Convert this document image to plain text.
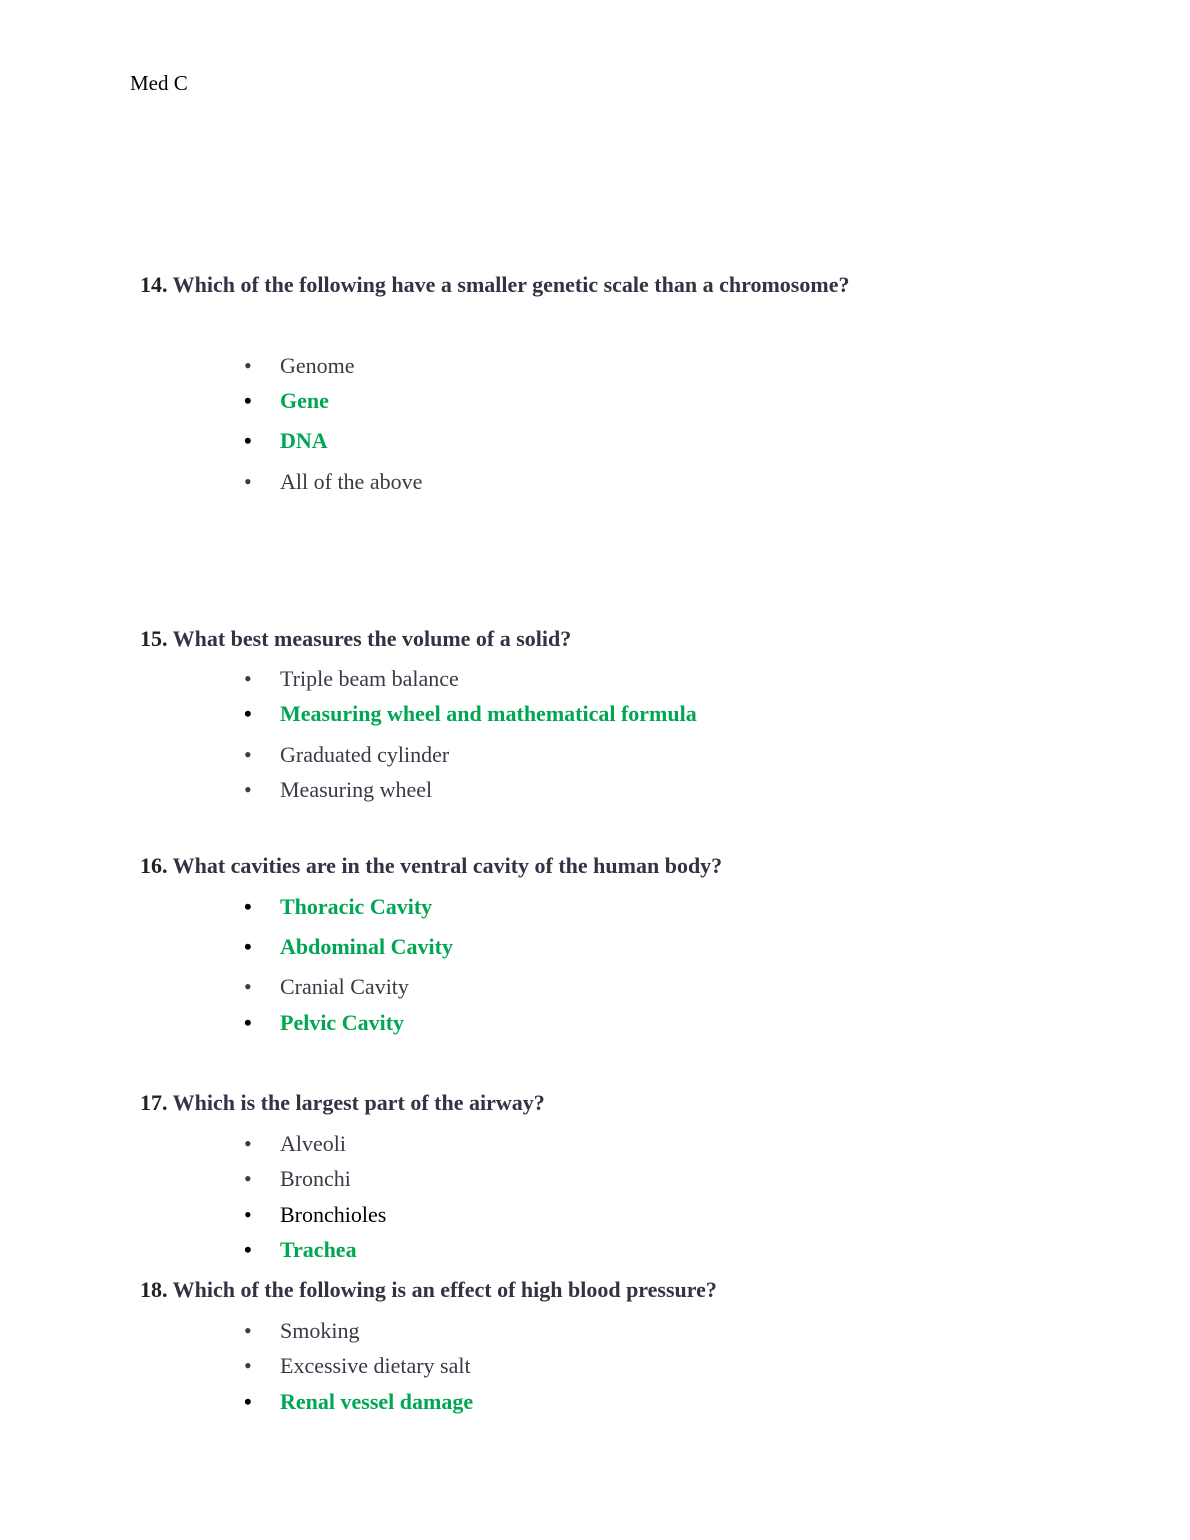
Med C
14. Which of the following have a smaller genetic scale than a chromosome?
• Genome
• Gene
• DNA
• All of the above
15. What best measures the volume of a solid?
• Triple beam balance
• Measuring wheel and mathematical formula
• Graduated cylinder
• Measuring wheel
16. What cavities are in the ventral cavity of the human body?
• Thoracic Cavity
• Abdominal Cavity
• Cranial Cavity
• Pelvic Cavity
17. Which is the largest part of the airway?
• Alveoli
• Bronchi
• Bronchioles
• Trachea
18. Which of the following is an effect of high blood pressure?
• Smoking
• Excessive dietary salt
• Renal vessel damage
